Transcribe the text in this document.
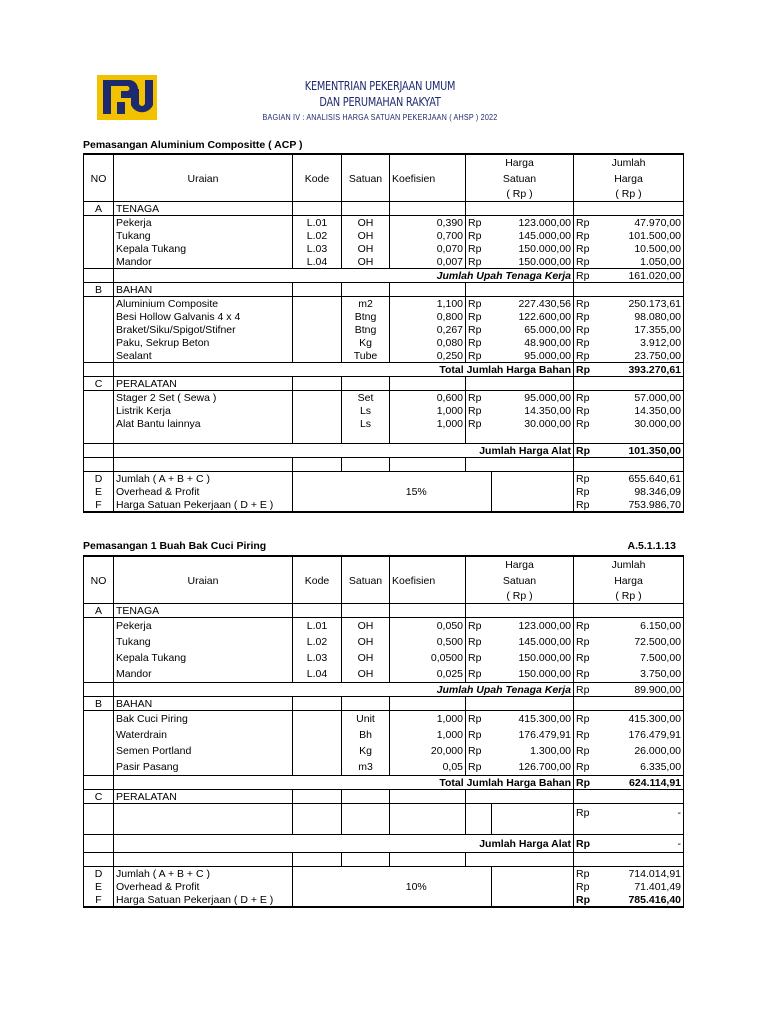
KEMENTRIAN PEKERJAAN UMUM
DAN PERUMAHAN RAKYAT
BAGIAN IV : ANALISIS HARGA SATUAN PEKERJAAN ( AHSP ) 2022
Pemasangan Aluminium Compositte ( ACP )
					Harga		Jumlah	
NO	Uraian	Kode	Satuan	Koefisien	Satuan		Harga	
					( Rp )		( Rp )	
A	TENAGA							
	Pekerja	L.01	OH	0,390	Rp	123.000,00	Rp	47.970,00
	Tukang	L.02	OH	0,700	Rp	145.000,00	Rp	101.500,00
	Kepala Tukang	L.03	OH	0,070	Rp	150.000,00	Rp	10.500,00
	Mandor	L.04	OH	0,007	Rp	150.000,00	Rp	1.050,00
				Jumlah Upah Tenaga Kerja			Rp	161.020,00
B	BAHAN							
	Aluminium Composite		m2	1,100	Rp	227.430,56	Rp	250.173,61
	Besi Hollow Galvanis 4 x 4		Btng	0,800	Rp	122.600,00	Rp	98.080,00
	Braket/Siku/Spigot/Stifner		Btng	0,267	Rp	65.000,00	Rp	17.355,00
	Paku, Sekrup Beton		Kg	0,080	Rp	48.900,00	Rp	3.912,00
	Sealant		Tube	0,250	Rp	95.000,00	Rp	23.750,00
				Total Jumlah Harga Bahan			Rp	393.270,61
C	PERALATAN							
	Stager 2 Set ( Sewa )		Set	0,600	Rp	95.000,00	Rp	57.000,00
	Listrik Kerja		Ls	1,000	Rp	14.350,00	Rp	14.350,00
	Alat Bantu lainnya		Ls	1,000	Rp	30.000,00	Rp	30.000,00

				Jumlah Harga Alat			Rp	101.350,00

D	Jumlah ( A + B + C )						Rp	655.640,61
E	Overhead & Profit		15%				Rp	98.346,09
F	Harga Satuan Pekerjaan ( D + E )						Rp	753.986,70
Pemasangan 1 Buah Bak Cuci Piring	A.5.1.1.13
					Harga		Jumlah	
NO	Uraian	Kode	Satuan	Koefisien	Satuan		Harga	
					( Rp )		( Rp )	
A	TENAGA							
	Pekerja	L.01	OH	0,050	Rp	123.000,00	Rp	6.150,00
	Tukang	L.02	OH	0,500	Rp	145.000,00	Rp	72.500,00
	Kepala Tukang	L.03	OH	0,0500	Rp	150.000,00	Rp	7.500,00
	Mandor	L.04	OH	0,025	Rp	150.000,00	Rp	3.750,00
				Jumlah Upah Tenaga Kerja			Rp	89.900,00
B	BAHAN							
	Bak Cuci Piring		Unit	1,000	Rp	415.300,00	Rp	415.300,00
	Waterdrain		Bh	1,000	Rp	176.479,91	Rp	176.479,91
	Semen Portland		Kg	20,000	Rp	1.300,00	Rp	26.000,00
	Pasir Pasang		m3	0,05	Rp	126.700,00	Rp	6.335,00
				Total Jumlah Harga Bahan			Rp	624.114,91
C	PERALATAN							
							Rp	-
				Jumlah Harga Alat			Rp	-

D	Jumlah ( A + B + C )						Rp	714.014,91
E	Overhead & Profit		10%				Rp	71.401,49
F	Harga Satuan Pekerjaan ( D + E )						Rp	785.416,40
